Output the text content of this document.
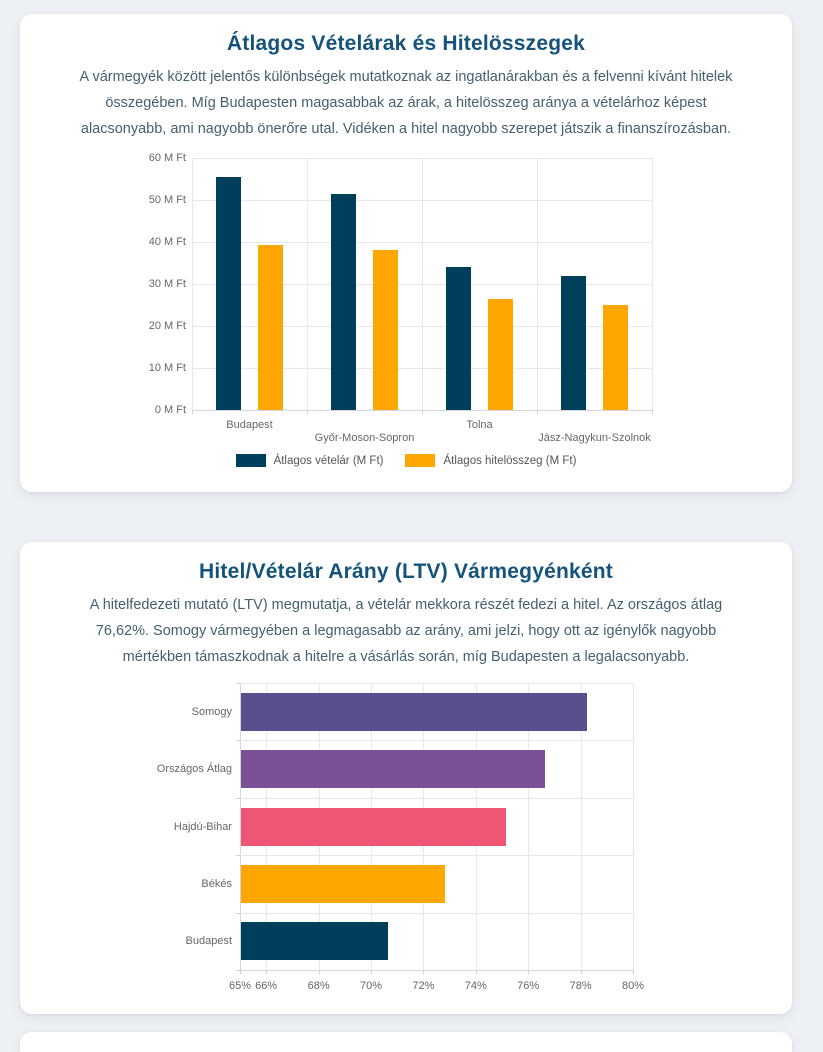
Átlagos Vételárak és Hitelösszegek

A vármegyék között jelentős különbségek mutatkoznak az ingatlanárakban és a felvenni kívánt hitelek összegében. Míg Budapesten magasabbak az árak, a hitelösszeg aránya a vételárhoz képest alacsonyabb, ami nagyobb önerőre utal. Vidéken a hitel nagyobb szerepet játszik a finanszírozásban.

0 M Ft
10 M Ft
20 M Ft
30 M Ft
40 M Ft
50 M Ft
60 M Ft
Budapest
Győr-Moson-Sopron
Tolna
Jász-Nagykun-Szolnok
Átlagos vételár (M Ft)	Átlagos hitelösszeg (M Ft)
Hitel/Vételár Arány (LTV) Vármegyénként

A hitelfedezeti mutató (LTV) megmutatja, a vételár mekkora részét fedezi a hitel. Az országos átlag 76,62%. Somogy vármegyében a legmagasabb az arány, ami jelzi, hogy ott az igénylők nagyobb mértékben támaszkodnak a hitelre a vásárlás során, míg Budapesten a legalacsonyabb.

65% 66%	68%	70%	72%	74%	76%	78%	80%
Somogy
Országos Átlag
Hajdú-Bihar
Békés
Budapest
